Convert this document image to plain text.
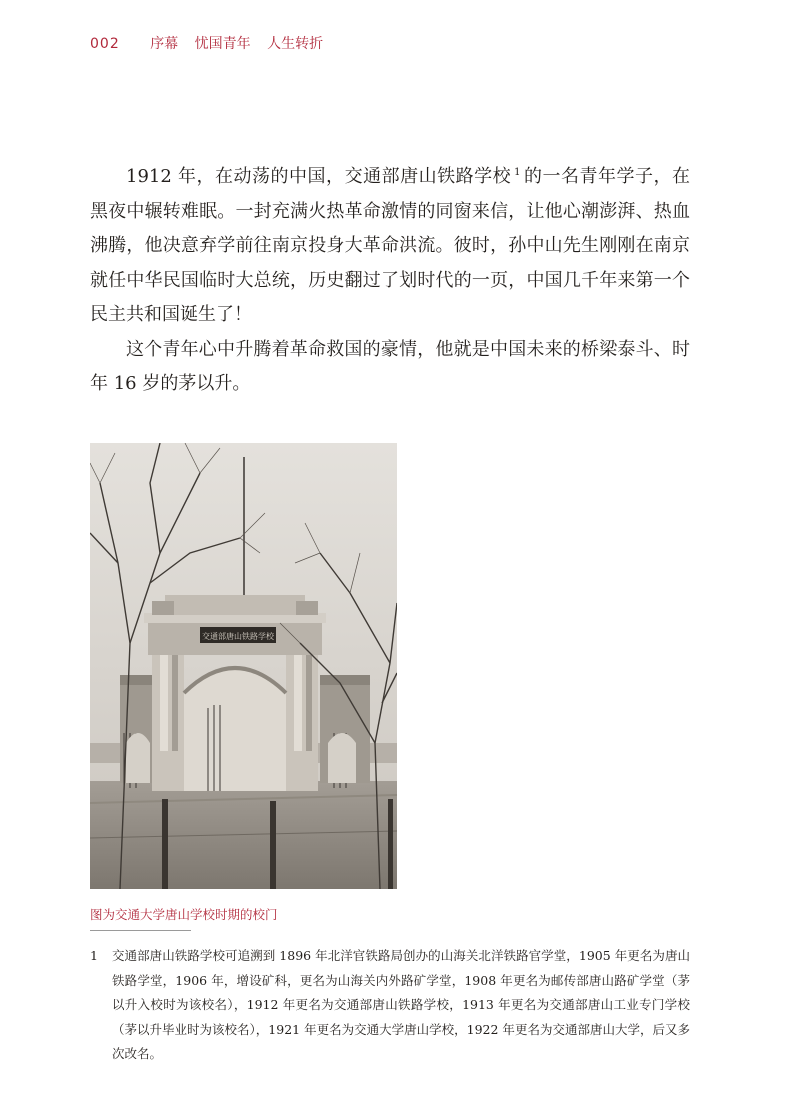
002 序幕 忧国青年 人生转折

1912 年，在动荡的中国，交通部唐山铁路学校 $^1$ 的一名青年学子，在黑夜中辗转难眠。一封充满火热革命激情的同窗来信，让他心潮澎湃、热血沸腾，他决意弃学前往南京投身大革命洪流。彼时，孙中山先生刚刚在南京就任中华民国临时大总统，历史翻过了划时代的一页，中国几千年来第一个民主共和国诞生了！

这个青年心中升腾着革命救国的豪情，他就是中国未来的桥梁泰斗、时年 16 岁的茅以升。

交通部唐山铁路学校
图为交通大学唐山学校时期的校门
1 交通部唐山铁路学校可追溯到 1896 年北洋官铁路局创办的山海关北洋铁路官学堂，1905 年更名为唐山铁路学堂，1906 年，增设矿科，更名为山海关内外路矿学堂，1908 年更名为邮传部唐山路矿学堂（茅以升入校时为该校名），1912 年更名为交通部唐山铁路学校，1913 年更名为交通部唐山工业专门学校（茅以升毕业时为该校名），1921 年更名为交通大学唐山学校，1922 年更名为交通部唐山大学，后又多次改名。
